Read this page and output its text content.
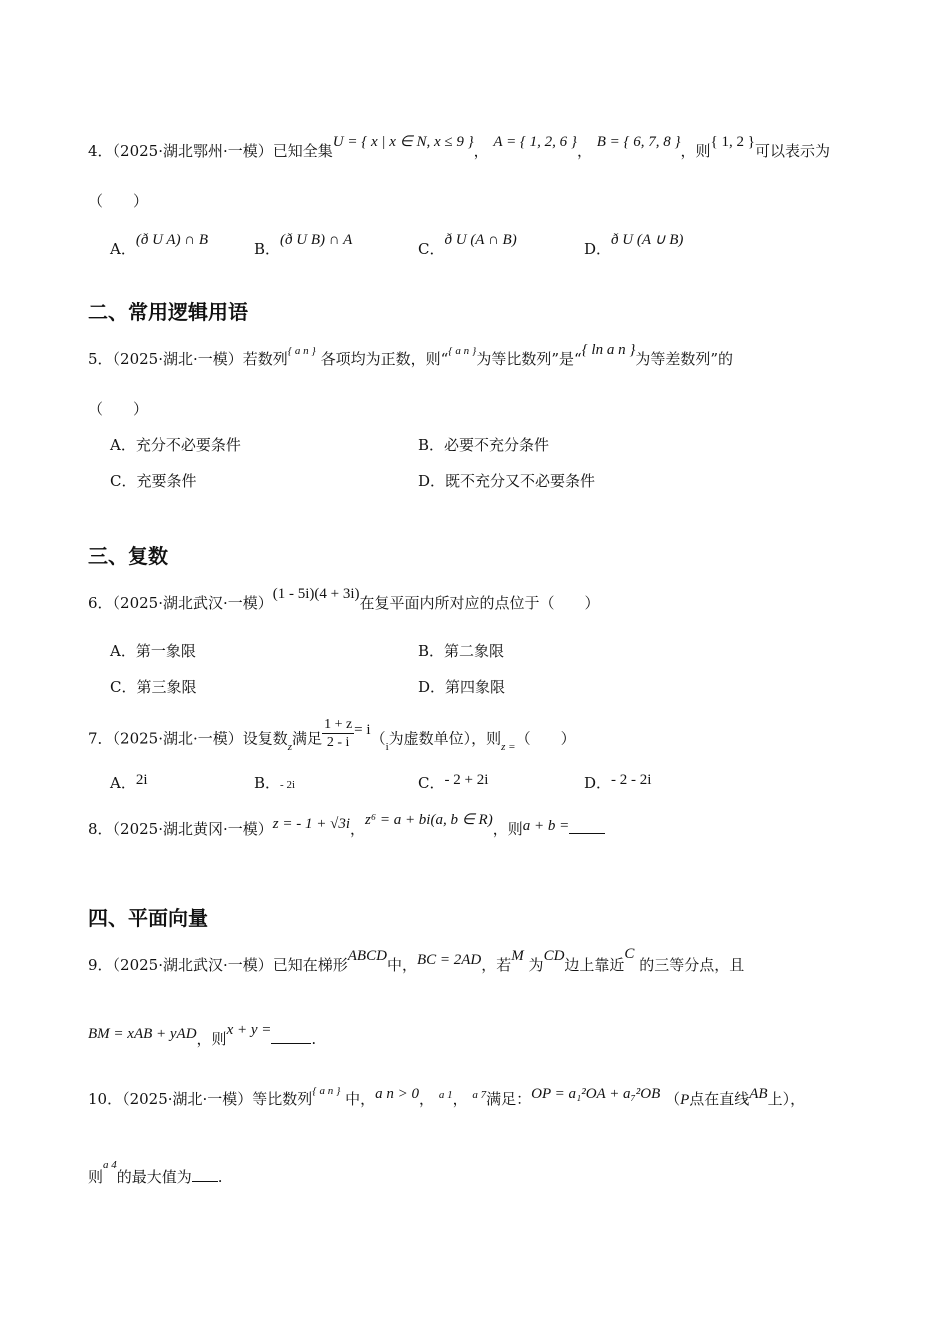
4．（2025·湖北鄂州·一模）已知全集U = { x | x ∈ N, x ≤ 9 }， A = { 1, 2, 6 }， B = { 6, 7, 8 }，则{ 1, 2 }可以表示为
（　　）
A．(ð U A) ∩ B	B．(ð U B) ∩ A	C．ð U (A ∩ B)	D．ð U (A ∪ B)
二、常用逻辑用语
5．（2025·湖北·一模）若数列$^{\{ a n \}}$ 各项均为正数，则“$^{\{ a n \}}$为等比数列”是“{ ln a n }为等差数列”的
（　　）
A．充分不必要条件	B．必要不充分条件
C．充要条件	D．既不充分又不必要条件
三、复数
6．（2025·湖北武汉·一模）(1 - 5i)(4 + 3i)在复平面内所对应的点位于（　　）
A．第一象限	B．第二象限
C．第三象限	D．第四象限
7．（2025·湖北·一模）设复数$_z$满足 $\frac{1 + z}{2 - i} = i(_i$为虚数单位），则$_{z =}$（　　）
A．2i	B．- 2i	C．- 2 + 2i	D．- 2 - 2i
8．（2025·湖北黄冈·一模）z = - 1 + √3i，z⁶ = a + bi(a, b ∈ R)，则a + b =
四、平面向量
9．（2025·湖北武汉·一模）已知在梯形ABCD中，BC = 2AD，若M 为CD边上靠近C 的三等分点，且
BM = xAB + yAD，则x + y =	.
10．（2025·湖北·一模）等比数列$^{\{ a n \}}$ 中，a n > 0， $^{a 1}$， $^{a 7}$满足：OP = a₁²OA + a₇²OB （P点在直线AB上），
则$^{a 4}$的最大值为 .
